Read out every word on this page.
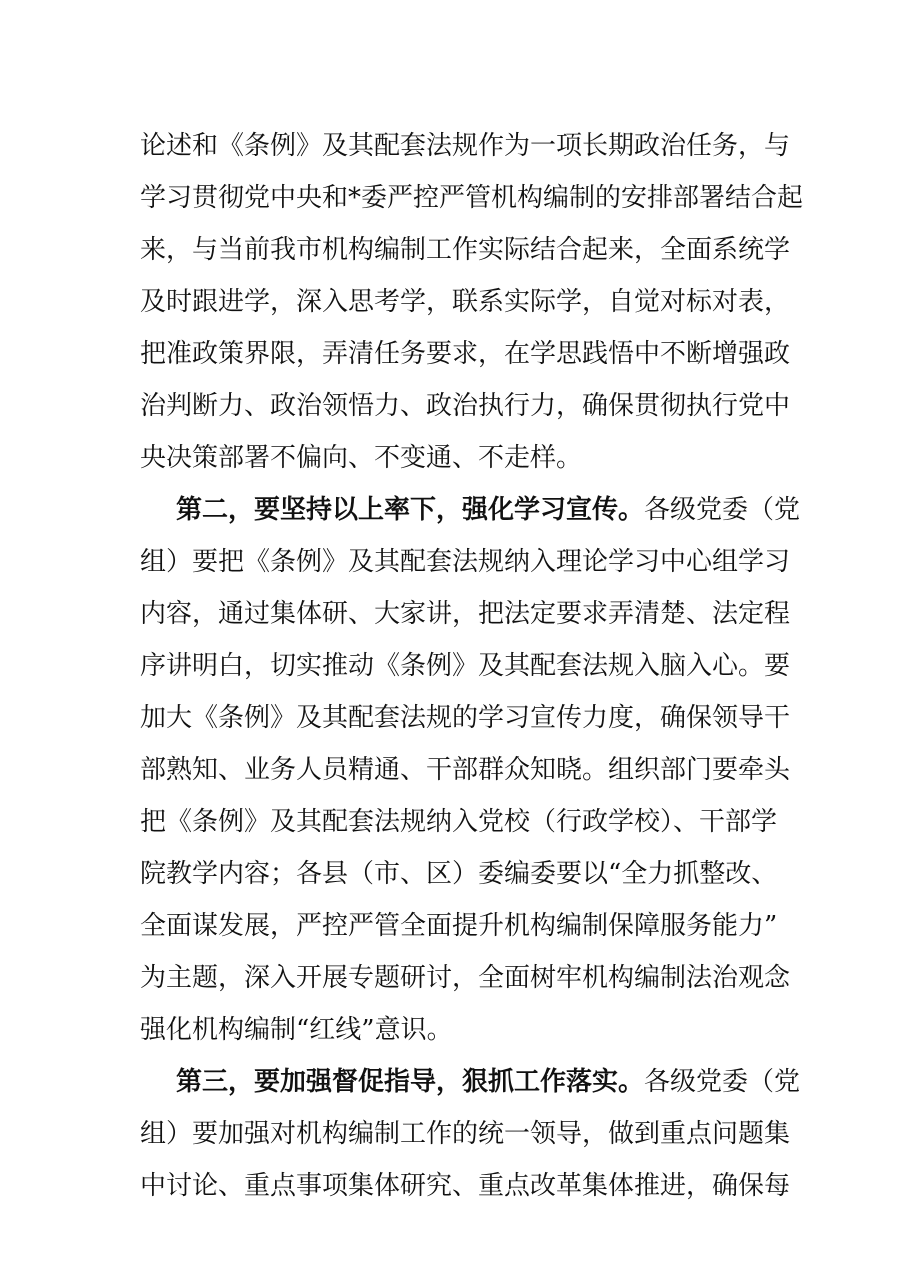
论述和《条例》及其配套法规作为一项长期政治任务，与
学习贯彻党中央和*委严控严管机构编制的安排部署结合起
来，与当前我市机构编制工作实际结合起来，全面系统学
及时跟进学，深入思考学，联系实际学，自觉对标对表，
把准政策界限，弄清任务要求，在学思践悟中不断增强政
治判断力、政治领悟力、政治执行力，确保贯彻执行党中
央决策部署不偏向、不变通、不走样。
第二，要坚持以上率下，强化学习宣传。各级党委（党
组）要把《条例》及其配套法规纳入理论学习中心组学习
内容，通过集体研、大家讲，把法定要求弄清楚、法定程
序讲明白，切实推动《条例》及其配套法规入脑入心。要
加大《条例》及其配套法规的学习宣传力度，确保领导干
部熟知、业务人员精通、干部群众知晓。组织部门要牵头
把《条例》及其配套法规纳入党校（行政学校）、干部学
院教学内容；各县（市、区）委编委要以“全力抓整改、
全面谋发展，严控严管全面提升机构编制保障服务能力”
为主题，深入开展专题研讨，全面树牢机构编制法治观念
强化机构编制“红线”意识。
第三，要加强督促指导，狠抓工作落实。各级党委（党
组）要加强对机构编制工作的统一领导，做到重点问题集
中讨论、重点事项集体研究、重点改革集体推进，确保每
